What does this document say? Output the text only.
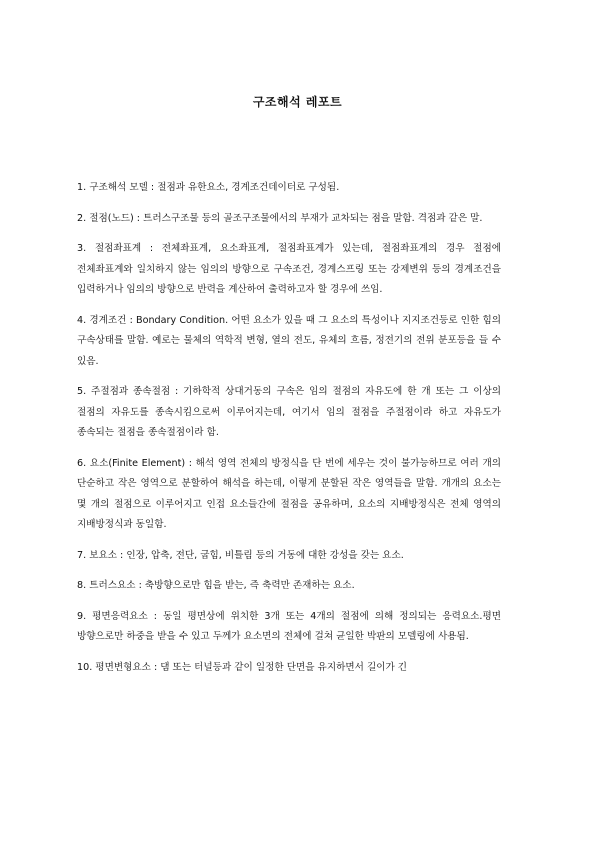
구조해석 레포트

1. 구조해석 모델 : 절점과 유한요소, 경계조건데이터로 구성됨.

2. 절점(노드) : 트러스구조물 등의 골조구조물에서의 부재가 교차되는 점을 말함. 격점과 같은 말.

3. 절점좌표계 : 전체좌표계, 요소좌표계, 절점좌표계가 있는데, 절점좌표계의 경우 절점에 전체좌표계와 일치하지 않는 임의의 방향으로 구속조건, 경계스프링 또는 강제변위 등의 경계조건을 입력하거나 임의의 방향으로 반력을 계산하여 출력하고자 할 경우에 쓰임.

4. 경계조건 : Bondary Condition. 어떤 요소가 있을 때 그 요소의 특성이나 지지조건등로 인한 힘의 구속상태를 말함. 예로는 물체의 역학적 변형, 열의 전도, 유체의 흐름, 정전기의 전위 분포등을 들 수 있음.

5. 주절점과 종속절점 : 기하학적 상대거동의 구속은 임의 절점의 자유도에 한 개 또는 그 이상의 절점의 자유도를 종속시킴으로써 이루어지는데, 여기서 임의 절점을 주절점이라 하고 자유도가 종속되는 절점을 종속절점이라 함.

6. 요소(Finite Element) : 해석 영역 전체의 방정식을 단 번에 세우는 것이 불가능하므로 여러 개의 단순하고 작은 영역으로 분할하여 해석을 하는데, 이렇게 분할된 작은 영역들을 말함. 개개의 요소는 몇 개의 절점으로 이루어지고 인접 요소들간에 절점을 공유하며, 요소의 지배방정식은 전체 영역의 지배방정식과 동일함.

7. 보요소 : 인장, 압축, 전단, 굽힘, 비틀림 등의 거동에 대한 강성을 갖는 요소.

8. 트러스요소 : 축방향으로만 힘을 받는, 즉 축력만 존재하는 요소.

9. 평면응력요소 : 동일 평면상에 위치한 3개 또는 4개의 절점에 의해 정의되는 응력요소.평면 방향으로만 하중을 받을 수 있고 두께가 요소면의 전체에 걸쳐 균일한 박판의 모델링에 사용됨.

10. 평면변형요소 : 댐 또는 터널등과 같이 일정한 단면을 유지하면서 길이가 긴
